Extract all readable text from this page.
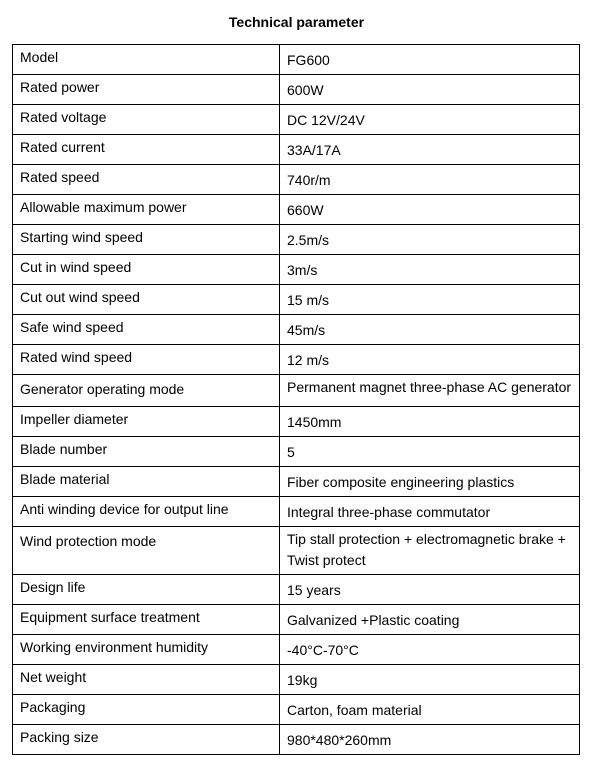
Technical parameter
Model	FG600
Rated power	600W
Rated voltage	DC 12V/24V
Rated current	33A/17A
Rated speed	740r/m
Allowable maximum power	660W
Starting wind speed	2.5m/s
Cut in wind speed	3m/s
Cut out wind speed	15 m/s
Safe wind speed	45m/s
Rated wind speed	12 m/s
Generator operating mode	Permanent magnet three-phase AC generator
Impeller diameter	1450mm
Blade number	5
Blade material	Fiber composite engineering plastics
Anti winding device for output line	Integral three-phase commutator
Wind protection mode	Tip stall protection + electromagnetic brake + Twist protect
Design life	15 years
Equipment surface treatment	Galvanized +Plastic coating
Working environment humidity	-40°C-70°C
Net weight	19kg
Packaging	Carton, foam material
Packing size	980*480*260mm
